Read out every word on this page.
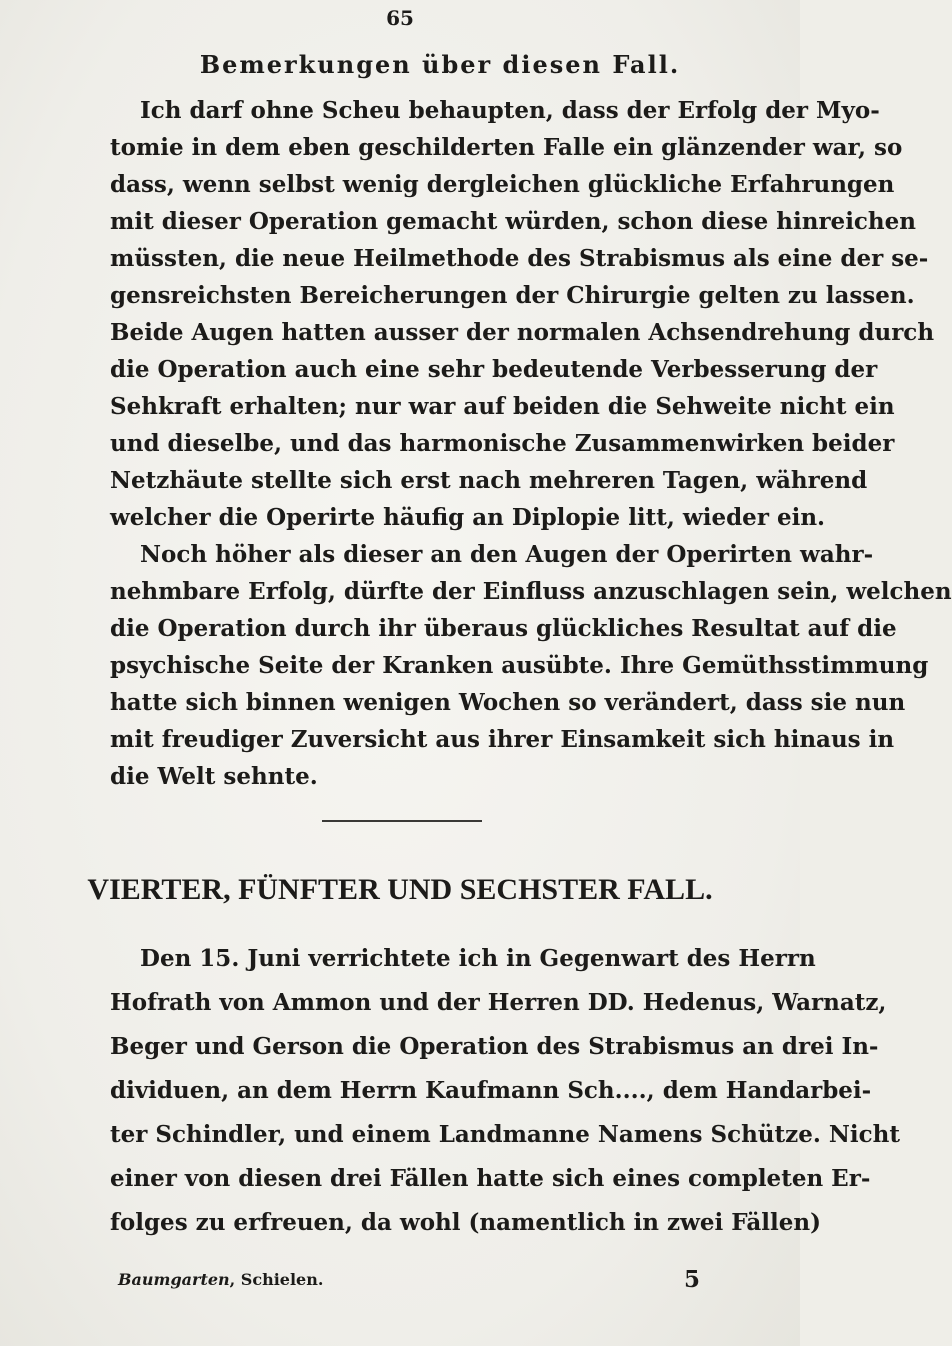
65
Bemerkungen über diesen Fall.
Ich darf ohne Scheu behaupten, dass der Erfolg der Myo-
tomie in dem eben geschilderten Falle ein glänzender war, so
dass, wenn selbst wenig dergleichen glückliche Erfahrungen
mit dieser Operation gemacht würden, schon diese hinreichen
müssten, die neue Heilmethode des Strabismus als eine der se-
gensreichsten Bereicherungen der Chirurgie gelten zu lassen.
Beide Augen hatten ausser der normalen Achsendrehung durch
die Operation auch eine sehr bedeutende Verbesserung der
Sehkraft erhalten; nur war auf beiden die Sehweite nicht ein
und dieselbe, und das harmonische Zusammenwirken beider
Netzhäute stellte sich erst nach mehreren Tagen, während
welcher die Operirte häufig an Diplopie litt, wieder ein.
Noch höher als dieser an den Augen der Operirten wahr-
nehmbare Erfolg, dürfte der Einfluss anzuschlagen sein, welchen
die Operation durch ihr überaus glückliches Resultat auf die
psychische Seite der Kranken ausübte. Ihre Gemüthsstimmung
hatte sich binnen wenigen Wochen so verändert, dass sie nun
mit freudiger Zuversicht aus ihrer Einsamkeit sich hinaus in
die Welt sehnte.
VIERTER, FÜNFTER UND SECHSTER FALL.
Den 15. Juni verrichtete ich in Gegenwart des Herrn
Hofrath von Ammon und der Herren DD. Hedenus, Warnatz,
Beger und Gerson die Operation des Strabismus an drei In-
dividuen, an dem Herrn Kaufmann Sch...., dem Handarbei-
ter Schindler, und einem Landmanne Namens Schütze. Nicht
einer von diesen drei Fällen hatte sich eines completen Er-
folges zu erfreuen, da wohl (namentlich in zwei Fällen)
Baumgarten, Schielen.	5
